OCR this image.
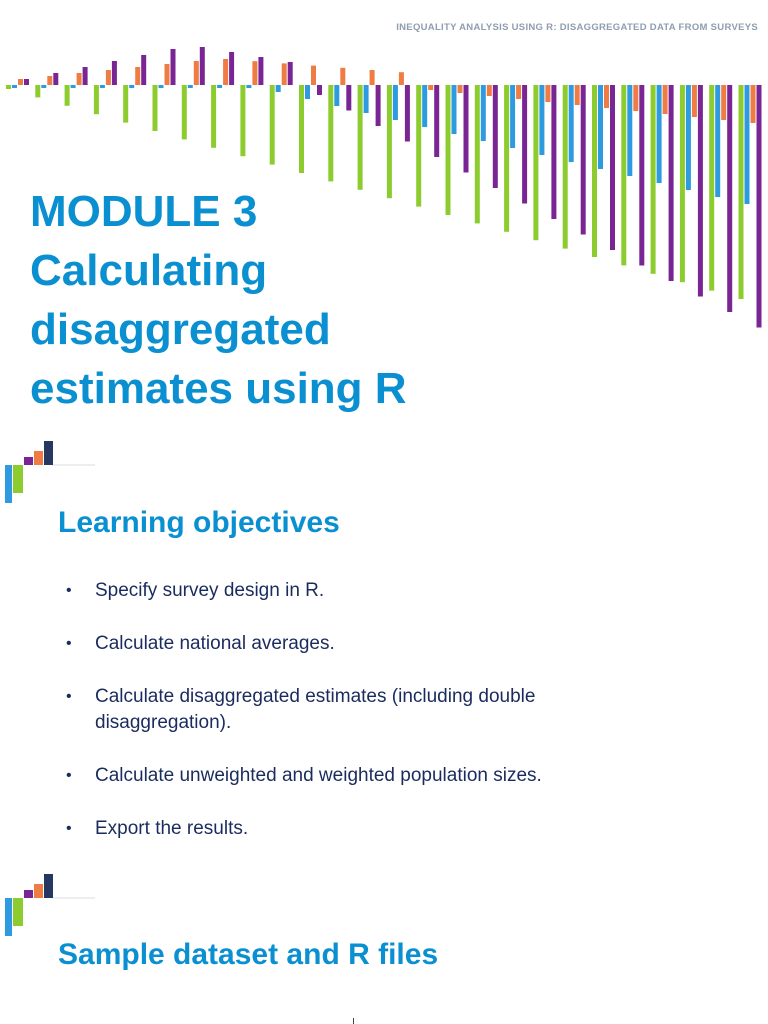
INEQUALITY ANALYSIS USING R: DISAGGREGATED DATA FROM SURVEYS
MODULE 3
Calculating
disaggregated
estimates using R
Learning objectives
• Specify survey design in R.
• Calculate national averages.
• Calculate disaggregated estimates (including double disaggregation).
• Calculate unweighted and weighted population sizes.
• Export the results.
Sample dataset and R files
